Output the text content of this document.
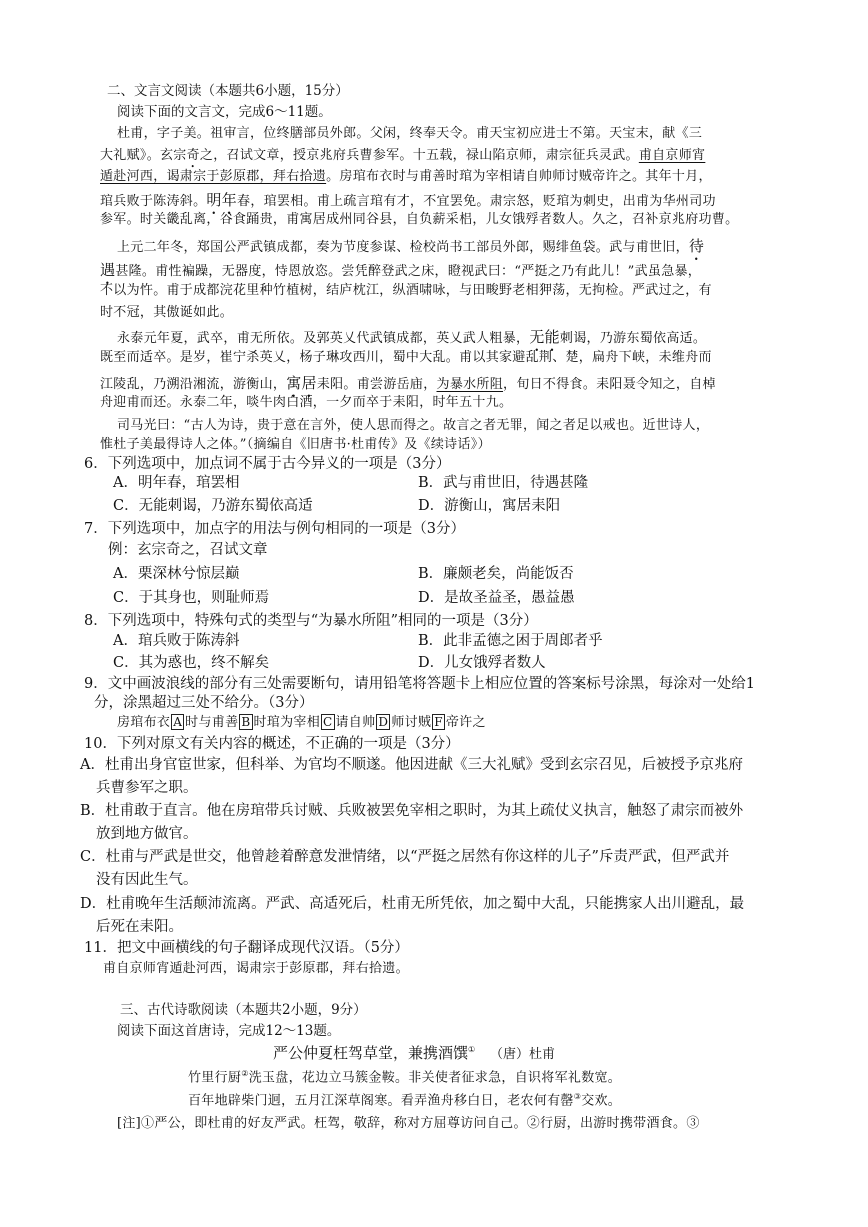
二、文言文阅读（本题共6小题，15分）
阅读下面的文言文，完成6～11题。
杜甫，字子美。祖审言，位终膳部员外郎。父闲，终奉天令。甫天宝初应进士不第。天宝末，献《三
大礼赋》。玄宗奇之，召试文章，授京兆府兵曹参军。十五载，禄山陷京师，肃宗征兵灵武。甫自京师宵
遁赴河西，谒肃宗于彭原郡，拜右拾遗。房琯布衣时与甫善时琯为宰相请自帅师讨贼帝许之。其年十月，
琯兵败于陈涛斜。明年春，琯罢相。甫上疏言琯有才，不宜罢免。肃宗怒，贬琯为刺史，出甫为华州司功
参军。时关畿乱离，谷食踊贵，甫寓居成州同谷县，自负薪采梠，儿女饿殍者数人。久之，召补京兆府功曹。
上元二年冬，郑国公严武镇成都，奏为节度参谋、检校尚书工部员外郎，赐绯鱼袋。武与甫世旧，待
遇甚隆。甫性褊躁，无器度，恃恩放恣。尝凭醉登武之床，瞪视武曰：“严挺之乃有此儿！”武虽急暴，
不以为忤。甫于成都浣花里种竹植树，结庐枕江，纵酒啸咏，与田畯野老相狎荡，无拘检。严武过之，有
时不冠，其傲诞如此。
永泰元年夏，武卒，甫无所依。及郭英乂代武镇成都，英乂武人粗暴，无能刺谒，乃游东蜀依高适。
既至而适卒。是岁，崔宁杀英乂，杨子琳攻西川，蜀中大乱。甫以其家避乱荆、楚，扁舟下峡，未维舟而
江陵乱，乃溯沿湘流，游衡山，寓居耒阳。甫尝游岳庙，为暴水所阻，旬日不得食。耒阳聂令知之，自棹
舟迎甫而还。永泰二年，啖牛肉白酒，一夕而卒于耒阳，时年五十九。
司马光曰：“古人为诗，贵于意在言外，使人思而得之。故言之者无罪，闻之者足以戒也。近世诗人，
惟杜子美最得诗人之体。”（摘编自《旧唐书·杜甫传》及《续诗话》）
6．下列选项中，加点词不属于古今异义的一项是（3分）
A．明年春，琯罢相	B．武与甫世旧，待遇甚隆
C．无能刺谒，乃游东蜀依高适	D．游衡山，寓居耒阳
7．下列选项中，加点字的用法与例句相同的一项是（3分）
例：玄宗奇之，召试文章
A．栗深林兮惊层巅	B．廉颇老矣，尚能饭否
C．于其身也，则耻师焉	D．是故圣益圣，愚益愚
8．下列选项中，特殊句式的类型与“为暴水所阻”相同的一项是（3分）
A．琯兵败于陈涛斜	B．此非孟德之困于周郎者乎
C．其为惑也，终不解矣	D．儿女饿殍者数人
9．文中画波浪线的部分有三处需要断句，请用铅笔将答题卡上相应位置的答案标号涂黑，每涂对一处给1
分，涂黑超过三处不给分。（3分）
房琯布衣 A 时与甫善 B 时琯为宰相 C 请自帅 D 师讨贼 F 帝许之
10．下列对原文有关内容的概述，不正确的一项是（3分）
A．杜甫出身官宦世家，但科举、为官均不顺遂。他因进献《三大礼赋》受到玄宗召见，后被授予京兆府
兵曹参军之职。
B．杜甫敢于直言。他在房琯带兵讨贼、兵败被罢免宰相之职时，为其上疏仗义执言，触怒了肃宗而被外
放到地方做官。
C．杜甫与严武是世交，他曾趁着醉意发泄情绪，以“严挺之居然有你这样的儿子”斥责严武，但严武并
没有因此生气。
D．杜甫晚年生活颠沛流离。严武、高适死后，杜甫无所凭依，加之蜀中大乱，只能携家人出川避乱，最
后死在耒阳。
11．把文中画横线的句子翻译成现代汉语。（5分）
甫自京师宵遁赴河西，谒肃宗于彭原郡，拜右拾遗。
三、古代诗歌阅读（本题共2小题，9分）
阅读下面这首唐诗，完成12～13题。
严公仲夏枉驾草堂，兼携酒馔① （唐）杜甫
竹里行厨②洗玉盘，花边立马簇金鞍。非关使者征求急，自识将军礼数宽。
百年地辟柴门迥，五月江深草阁寒。看弄渔舟移白日，老农何有罄③交欢。
[注]①严公，即杜甫的好友严武。枉驾，敬辞，称对方屈尊访问自己。②行厨，出游时携带酒食。③
